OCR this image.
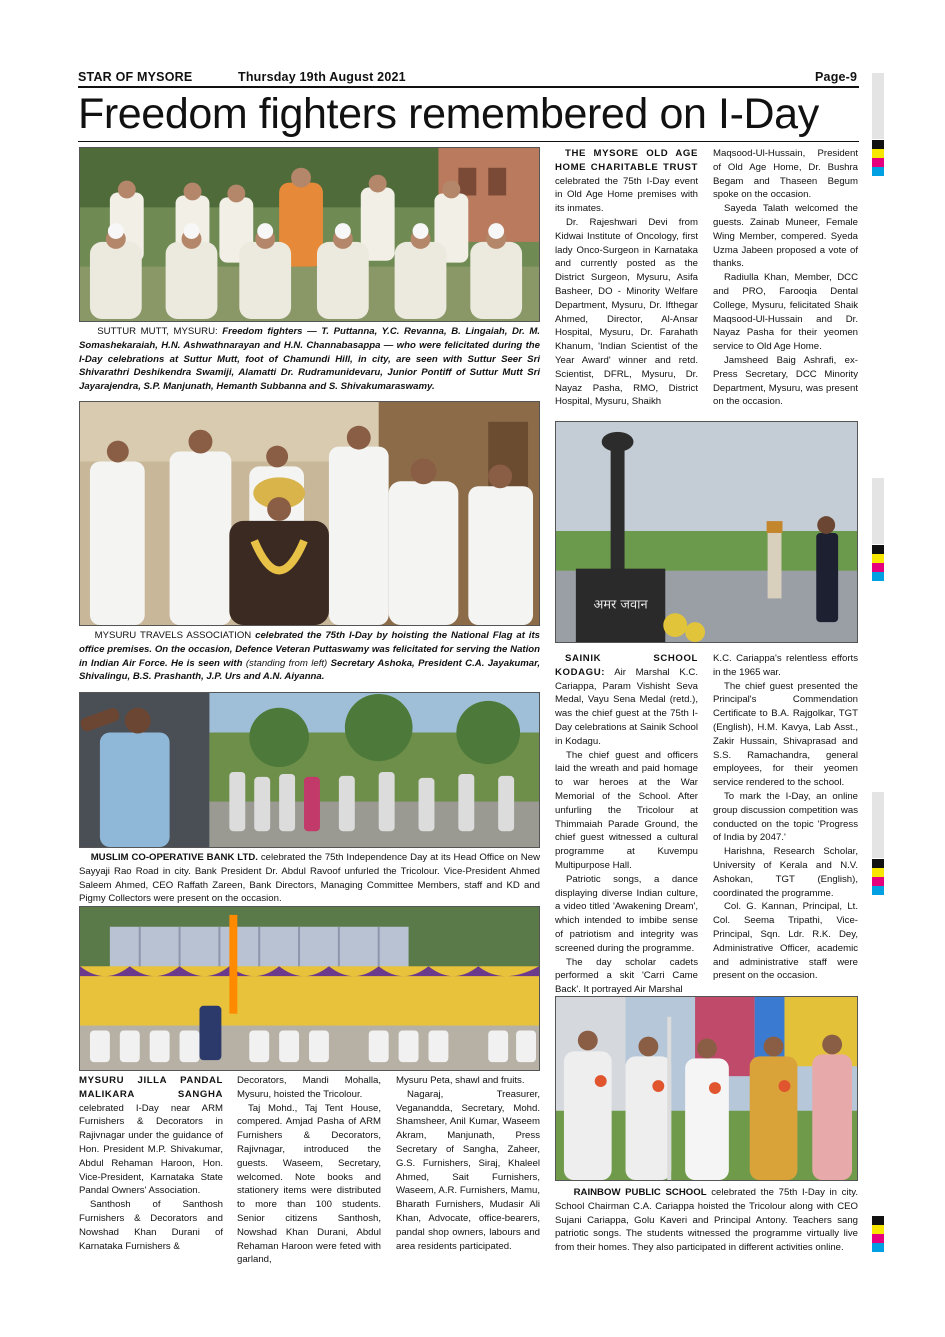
STAR OF MYSORE	Thursday 19th August 2021	Page-9
Freedom fighters remembered on I-Day
SUTTUR MUTT, MYSURU: Freedom fighters — T. Puttanna, Y.C. Revanna, B. Lingaiah, Dr. M. Somashekaraiah, H.N. Ashwathnarayan and H.N. Channabasappa — who were felicitated during the I-Day celebrations at Suttur Mutt, foot of Chamundi Hill, in city, are seen with Suttur Seer Sri Shivarathri Deshikendra Swamiji, Alamatti Dr. Rudramunidevaru, Junior Pontiff of Suttur Mutt Sri Jayarajendra, S.P. Manjunath, Hemanth Subbanna and S. Shivakumaraswamy.
MYSURU TRAVELS ASSOCIATION celebrated the 75th I-Day by hoisting the National Flag at its office premises. On the occasion, Defence Veteran Puttaswamy was felicitated for serving the Nation in Indian Air Force. He is seen with (standing from left) Secretary Ashoka, President C.A. Jayakumar, Shivalingu, B.S. Prashanth, J.P. Urs and A.N. Aiyanna.
MUSLIM CO-OPERATIVE BANK LTD. celebrated the 75th Independence Day at its Head Office on New Sayyaji Rao Road in city. Bank President Dr. Abdul Ravoof unfurled the Tricolour. Vice-President Ahmed Saleem Ahmed, CEO Raffath Zareen, Bank Directors, Managing Committee Members, staff and KD and Pigmy Collectors were present on the occasion.

MYSURU JILLA PANDAL MALIKARA SANGHA celebrated I-Day near ARM Furnishers & Decorators in Rajivnagar under the guidance of Hon. President M.P. Shivakumar, Abdul Rehaman Haroon, Hon. Vice-President, Karnataka State Pandal Owners' Association.

Santhosh of Santhosh Furnishers & Decorators and Nowshad Khan Durani of Karnataka Furnishers &

Decorators, Mandi Mohalla, Mysuru, hoisted the Tricolour.

Taj Mohd., Taj Tent House, compered. Amjad Pasha of ARM Furnishers & Decorators, Rajivnagar, introduced the guests. Waseem, Secretary, welcomed. Note books and stationery items were distributed to more than 100 students. Senior citizens Santhosh, Nowshad Khan Durani, Abdul Rehaman Haroon were feted with garland,

Mysuru Peta, shawl and fruits.

Nagaraj, Treasurer, Veganandda, Secretary, Mohd. Shamsheer, Anil Kumar, Waseem Akram, Manjunath, Press Secretary of Sangha, Zaheer, G.S. Furnishers, Siraj, Khaleel Ahmed, Sait Furnishers, Waseem, A.R. Furnishers, Mamu, Bharath Furnishers, Mudasir Ali Khan, Advocate, office-bearers, pandal shop owners, labours and area residents participated.

THE MYSORE OLD AGE HOME CHARITABLE TRUST celebrated the 75th I-Day event in Old Age Home premises with its inmates.

Dr. Rajeshwari Devi from Kidwai Institute of Oncology, first lady Onco-Surgeon in Karnataka and currently posted as the District Surgeon, Mysuru, Asifa Basheer, DO - Minority Welfare Department, Mysuru, Dr. Ifthegar Ahmed, Director, Al-Ansar Hospital, Mysuru, Dr. Farahath Khanum, 'Indian Scientist of the Year Award' winner and retd. Scientist, DFRL, Mysuru, Dr. Nayaz Pasha, RMO, District Hospital, Mysuru, Shaikh

Maqsood-Ul-Hussain, President of Old Age Home, Dr. Bushra Begam and Thaseen Begum spoke on the occasion.

Sayeda Talath welcomed the guests. Zainab Muneer, Female Wing Member, compered. Syeda Uzma Jabeen proposed a vote of thanks.

Radiulla Khan, Member, DCC and PRO, Farooqia Dental College, Mysuru, felicitated Shaik Maqsood-Ul-Hussain and Dr. Nayaz Pasha for their yeomen service to Old Age Home.

Jamsheed Baig Ashrafi, ex-Press Secretary, DCC Minority Department, Mysuru, was present on the occasion.

अमर जवान

SAINIK SCHOOL KODAGU: Air Marshal K.C. Cariappa, Param Vishisht Seva Medal, Vayu Sena Medal (retd.), was the chief guest at the 75th I-Day celebrations at Sainik School in Kodagu.

The chief guest and officers laid the wreath and paid homage to war heroes at the War Memorial of the School. After unfurling the Tricolour at Thimmaiah Parade Ground, the chief guest witnessed a cultural programme at Kuvempu Multipurpose Hall.

Patriotic songs, a dance displaying diverse Indian culture, a video titled 'Awakening Dream', which intended to imbibe sense of patriotism and integrity was screened during the programme.

The day scholar cadets performed a skit 'Carri Came Back'. It portrayed Air Marshal

K.C. Cariappa's relentless efforts in the 1965 war.

The chief guest presented the Principal's Commendation Certificate to B.A. Rajgolkar, TGT (English), H.M. Kavya, Lab Asst., Zakir Hussain, Shivaprasad and S.S. Ramachandra, general employees, for their yeomen service rendered to the school.

To mark the I-Day, an online group discussion competition was conducted on the topic 'Progress of India by 2047.'

Harishna, Research Scholar, University of Kerala and N.V. Ashokan, TGT (English), coordinated the programme.

Col. G. Kannan, Principal, Lt. Col. Seema Tripathi, Vice-Principal, Sqn. Ldr. R.K. Dey, Administrative Officer, academic and administrative staff were present on the occasion.

RAINBOW PUBLIC SCHOOL celebrated the 75th I-Day in city. School Chairman C.A. Cariappa hoisted the Tricolour along with CEO Sujani Cariappa, Golu Kaveri and Principal Antony. Teachers sang patriotic songs. The students witnessed the programme virtually live from their homes. They also participated in different activities online.
